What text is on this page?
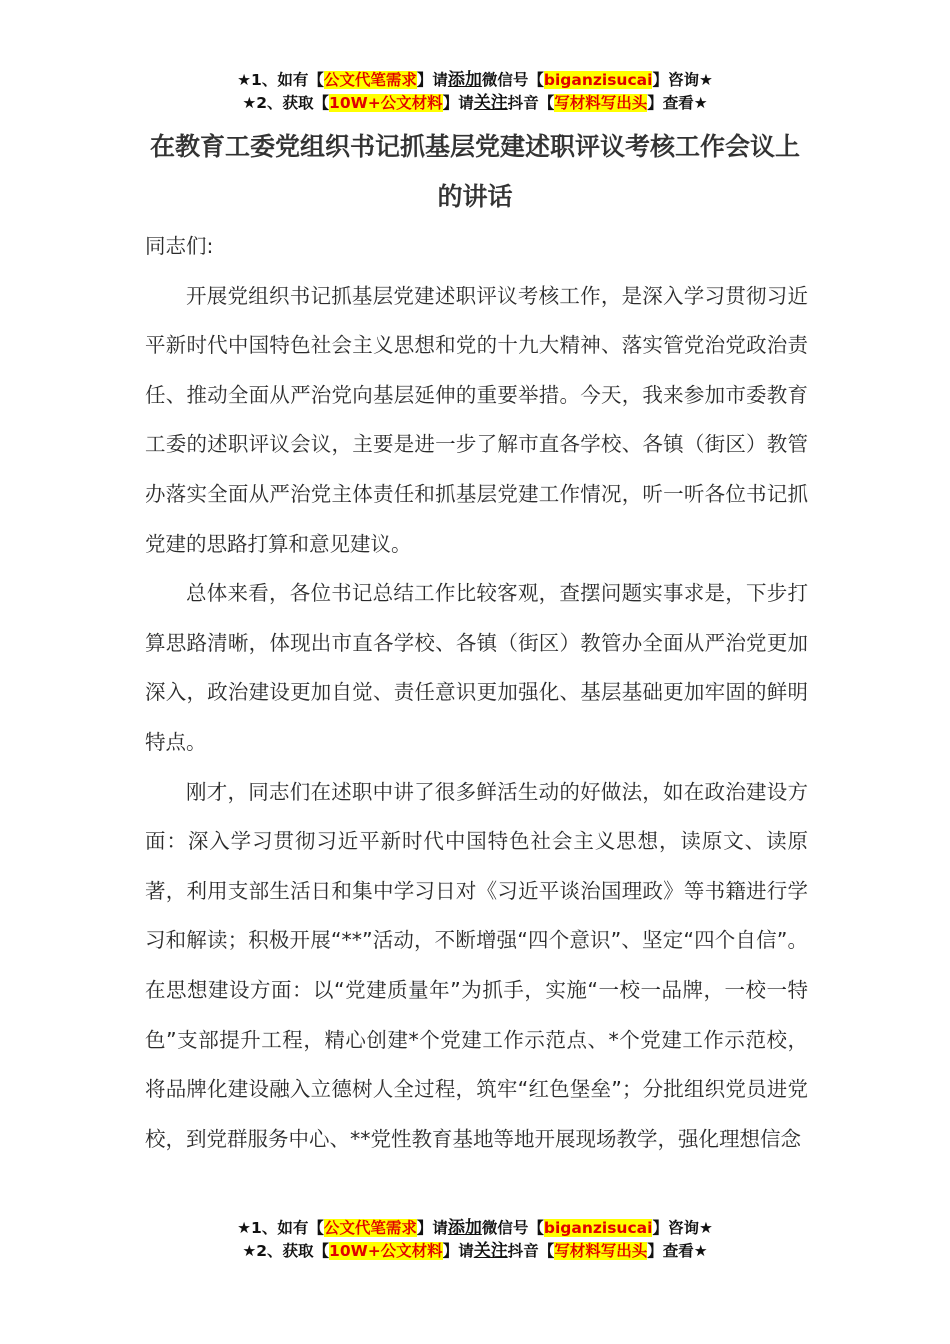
★1、如有【公文代笔需求】请添加微信号【biganzisucai】咨询★
★2、获取【10W+公文材料】请关注抖音【写材料写出头】查看★
在教育工委党组织书记抓基层党建述职评议考核工作会议上的讲话

同志们:

开展党组织书记抓基层党建述职评议考核工作，是深入学习贯彻习近平新时代中国特色社会主义思想和党的十九大精神、落实管党治党政治责任、推动全面从严治党向基层延伸的重要举措。今天，我来参加市委教育工委的述职评议会议，主要是进一步了解市直各学校、各镇（街区）教管办落实全面从严治党主体责任和抓基层党建工作情况，听一听各位书记抓党建的思路打算和意见建议。

总体来看，各位书记总结工作比较客观，查摆问题实事求是，下步打算思路清晰，体现出市直各学校、各镇（街区）教管办全面从严治党更加深入，政治建设更加自觉、责任意识更加强化、基层基础更加牢固的鲜明特点。

刚才，同志们在述职中讲了很多鲜活生动的好做法，如在政治建设方面：深入学习贯彻习近平新时代中国特色社会主义思想，读原文、读原著，利用支部生活日和集中学习日对《习近平谈治国理政》等书籍进行学习和解读；积极开展“**”活动，不断增强“四个意识”、坚定“四个自信”。在思想建设方面：以“党建质量年”为抓手，实施“一校一品牌，一校一特色”支部提升工程，精心创建*个党建工作示范点、*个党建工作示范校，将品牌化建设融入立德树人全过程，筑牢“红色堡垒”；分批组织党员进党校，到党群服务中心、**党性教育基地等地开展现场教学，强化理想信念

★1、如有【公文代笔需求】请添加微信号【biganzisucai】咨询★
★2、获取【10W+公文材料】请关注抖音【写材料写出头】查看★
